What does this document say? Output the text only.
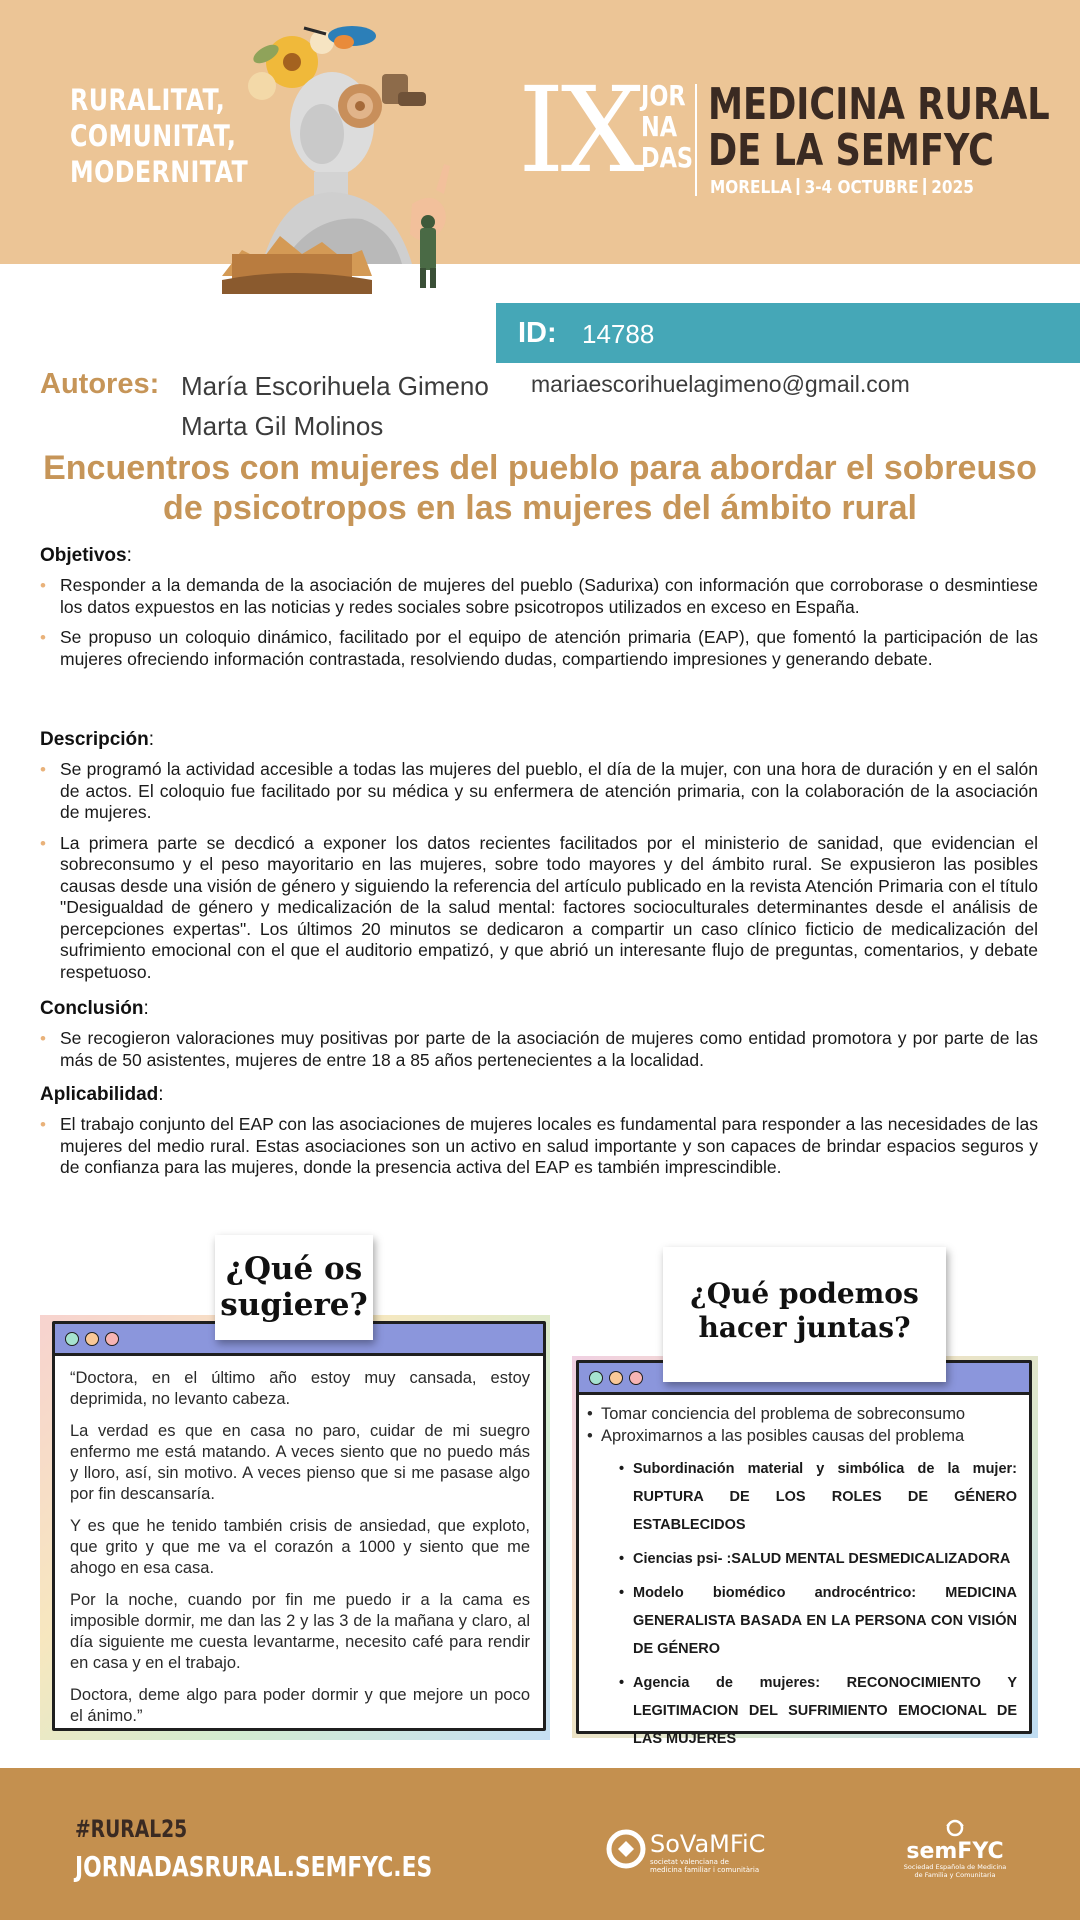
RURALITAT,
COMUNITAT,
MODERNITAT IX JOR
NA
DAS
MEDICINA RURAL
DE LA SEMFYC
MORELLA 3-4 OCTUBRE 2025
ID: 14788
Autores: María Escorihuela Gimeno
Marta Gil Molinos
mariaescorihuelagimeno@gmail.com
Encuentros con mujeres del pueblo para abordar el sobreuso de psicotropos en las mujeres del ámbito rural
Objetivos:
• Responder a la demanda de la asociación de mujeres del pueblo (Sadurixa) con información que corroborase o desmintiese los datos expuestos en las noticias y redes sociales sobre psicotropos utilizados en exceso en España.
• Se propuso un coloquio dinámico, facilitado por el equipo de atención primaria (EAP), que fomentó la participación de las mujeres ofreciendo información contrastada, resolviendo dudas, compartiendo impresiones y generando debate.
Descripción:
• Se programó la actividad accesible a todas las mujeres del pueblo, el día de la mujer, con una hora de duración y en el salón de actos. El coloquio fue facilitado por su médica y su enfermera de atención primaria, con la colaboración de la asociación de mujeres.
• La primera parte se decdicó a exponer los datos recientes facilitados por el ministerio de sanidad, que evidencian el sobreconsumo y el peso mayoritario en las mujeres, sobre todo mayores y del ámbito rural. Se expusieron las posibles causas desde una visión de género y siguiendo la referencia del artículo publicado en la revista Atención Primaria con el título "Desigualdad de género y medicalización de la salud mental: factores socioculturales determinantes desde el análisis de percepciones expertas". Los últimos 20 minutos se dedicaron a compartir un caso clínico ficticio de medicalización del sufrimiento emocional con el que el auditorio empatizó, y que abrió un interesante flujo de preguntas, comentarios, y debate respetuoso.
Conclusión:
• Se recogieron valoraciones muy positivas por parte de la asociación de mujeres como entidad promotora y por parte de las más de 50 asistentes, mujeres de entre 18 a 85 años pertenecientes a la localidad.
Aplicabilidad:
• El trabajo conjunto del EAP con las asociaciones de mujeres locales es fundamental para responder a las necesidades de las mujeres del medio rural. Estas asociaciones son un activo en salud importante y son capaces de brindar espacios seguros y de confianza para las mujeres, donde la presencia activa del EAP es también imprescindible.

“Doctora, en el último año estoy muy cansada, estoy deprimida, no levanto cabeza.

La verdad es que en casa no paro, cuidar de mi suegro enfermo me está matando. A veces siento que no puedo más y lloro, así, sin motivo. A veces pienso que si me pasase algo por fin descansaría.

Y es que he tenido también crisis de ansiedad, que exploto, que grito y que me va el corazón a 1000 y siento que me ahogo en esa casa.

Por la noche, cuando por fin me puedo ir a la cama es imposible dormir, me dan las 2 y las 3 de la mañana y claro, al día siguiente me cuesta levantarme, necesito café para rendir en casa y en el trabajo.

Doctora, deme algo para poder dormir y que mejore un poco el ánimo.”

¿Qué os sugiere?
• Tomar conciencia del problema de sobreconsumo
• Aproximarnos a las posibles causas del problema
• Subordinación material y simbólica de la mujer: RUPTURA DE LOS ROLES DE GÉNERO ESTABLECIDOS
• Ciencias psi- :SALUD MENTAL DESMEDICALIZADORA
• Modelo biomédico androcéntrico: MEDICINA GENERALISTA BASADA EN LA PERSONA CON VISIÓN DE GÉNERO
• Agencia de mujeres: RECONOCIMIENTO Y LEGITIMACION DEL SUFRIMIENTO EMOCIONAL DE LAS MUJERES
¿Qué podemos hacer juntas?
#RURAL25
JORNADASRURAL.SEMFYC.ES
SoVaMFiC
societat valenciana de
medicina familiar i comunitària
semFYC
Sociedad Española de Medicina
de Familia y Comunitaria
